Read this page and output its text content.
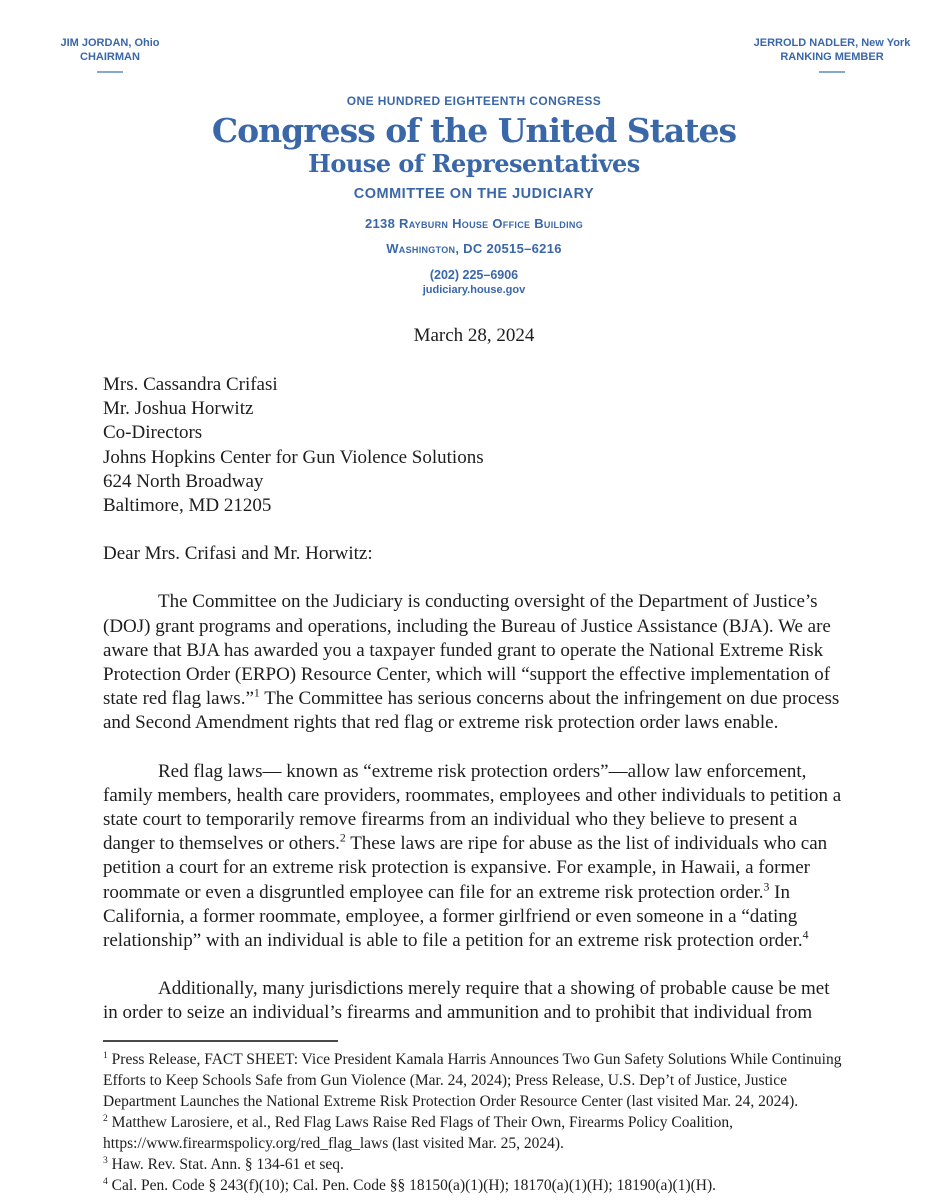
JIM JORDAN, Ohio
CHAIRMAN
JERROLD NADLER, New York
RANKING MEMBER
ONE HUNDRED EIGHTEENTH CONGRESS
Congress of the United States
House of Representatives
COMMITTEE ON THE JUDICIARY
2138 Rayburn House Office Building
Washington, DC 20515–6216
(202) 225–6906
judiciary.house.gov
March 28, 2024
Mrs. Cassandra Crifasi
Mr. Joshua Horwitz
Co-Directors
Johns Hopkins Center for Gun Violence Solutions
624 North Broadway
Baltimore, MD 21205
Dear Mrs. Crifasi and Mr. Horwitz:

The Committee on the Judiciary is conducting oversight of the Department of Justice’s (DOJ) grant programs and operations, including the Bureau of Justice Assistance (BJA). We are aware that BJA has awarded you a taxpayer funded grant to operate the National Extreme Risk Protection Order (ERPO) Resource Center, which will “support the effective implementation of state red flag laws.”$^1$ The Committee has serious concerns about the infringement on due process and Second Amendment rights that red flag or extreme risk protection order laws enable.

Red flag laws— known as “extreme risk protection orders”—allow law enforcement, family members, health care providers, roommates, employees and other individuals to petition a state court to temporarily remove firearms from an individual who they believe to present a danger to themselves or others.$^2$ These laws are ripe for abuse as the list of individuals who can petition a court for an extreme risk protection is expansive. For example, in Hawaii, a former roommate or even a disgruntled employee can file for an extreme risk protection order.$^3$ In California, a former roommate, employee, a former girlfriend or even someone in a “dating relationship” with an individual is able to file a petition for an extreme risk protection order.$^4$

Additionally, many jurisdictions merely require that a showing of probable cause be met in order to seize an individual’s firearms and ammunition and to prohibit that individual from

$^1$ Press Release, FACT SHEET: Vice President Kamala Harris Announces Two Gun Safety Solutions While Continuing Efforts to Keep Schools Safe from Gun Violence (Mar. 24, 2024); Press Release, U.S. Dep’t of Justice, Justice Department Launches the National Extreme Risk Protection Order Resource Center (last visited Mar. 24, 2024).
$^2$ Matthew Larosiere, et al., Red Flag Laws Raise Red Flags of Their Own, Firearms Policy Coalition, https://www.firearmspolicy.org/red_flag_laws (last visited Mar. 25, 2024).
$^3$ Haw. Rev. Stat. Ann. § 134-61 et seq.
$^4$ Cal. Pen. Code § 243(f)(10); Cal. Pen. Code §§ 18150(a)(1)(H); 18170(a)(1)(H); 18190(a)(1)(H).
